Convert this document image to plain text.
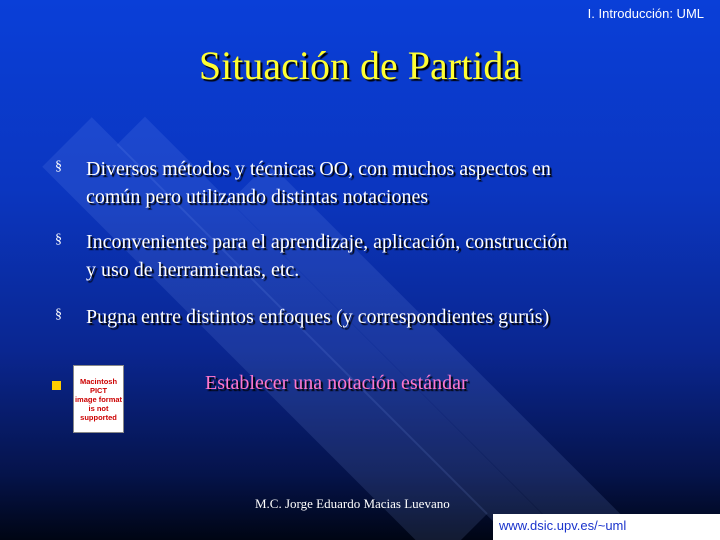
I. Introducción: UML

Situación de Partida
§ Diversos métodos y técnicas OO, con muchos aspectos en
común pero utilizando distintas notaciones

§ Inconvenientes para el aprendizaje, aplicación, construcción
y uso de herramientas, etc.

§ Pugna entre distintos enfoques (y correspondientes gurús)

Macintosh PICT
image format
is not supported

Establecer una notación estándar

M.C. Jorge Eduardo Macias Luevano

www.dsic.upv.es/~uml
